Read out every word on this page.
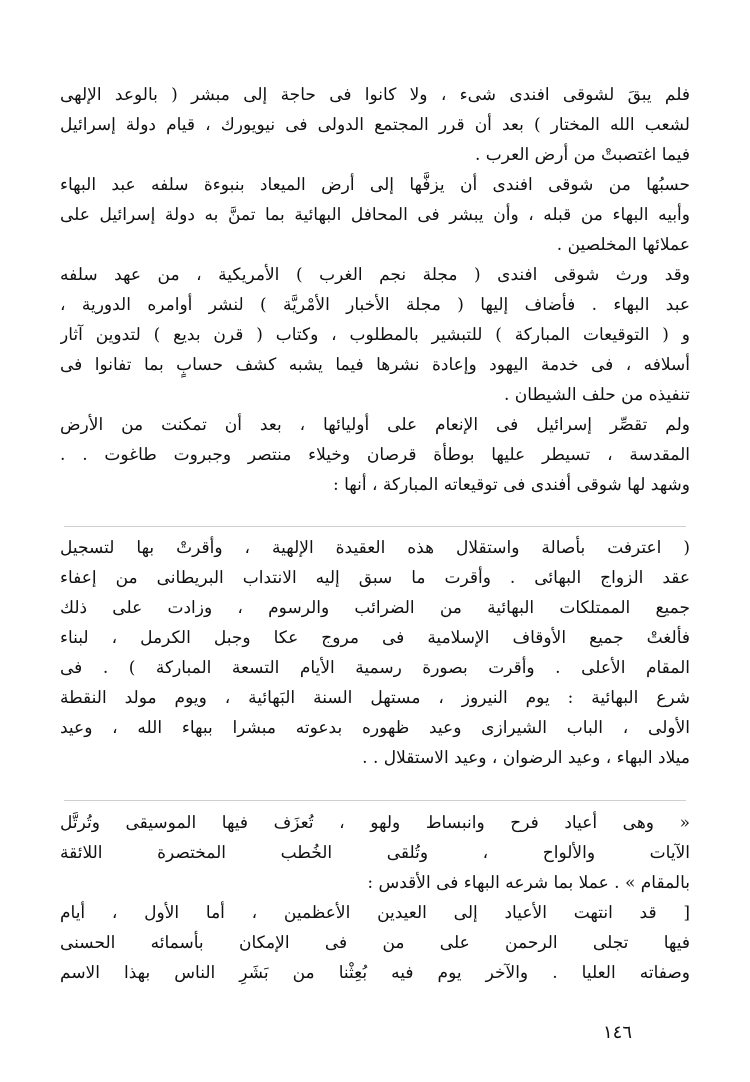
فلم يبقَ لشوقى افندى شىء ، ولا كانوا فى حاجة إلى مبشر ( بالوعد الإلهى
لشعب الله المختار ) بعد أن قرر المجتمع الدولى فى نيويورك ، قيام دولة إسرائيل
فيما اغتصبتْ من أرض العرب .
حسبُها من شوقى افندى أن يزفَّها إلى أرض الميعاد بنبوءة سلفه عبد البهاء
وأبيه البهاء من قبله ، وأن يبشر فى المحافل البهائية بما تمنَّ به دولة إسرائيل على
عملائها المخلصين .
وقد ورث شوقى افندى ( مجلة نجم الغرب ) الأمريكية ، من عهد سلفه
عبد البهاء . فأضاف إليها ( مجلة الأخبار الأمْريَّة ) لنشر أوامره الدورية ،
و ( التوقيعات المباركة ) للتبشير بالمطلوب ، وكتاب ( قرن بديع ) لتدوين آثار
أسلافه ، فى خدمة اليهود وإعادة نشرها فيما يشبه كشف حسابٍ بما تفانوا فى
تنفيذه من حلف الشيطان .
ولم تقصِّر إسرائيل فى الإنعام على أوليائها ، بعد أن تمكنت من الأرض
المقدسة ، تسيطر عليها بوطأة قرصان وخيلاء منتصر وجبروت طاغوت . .
وشهد لها شوقى أفندى فى توقيعاته المباركة ، أنها :
( اعترفت بأصالة واستقلال هذه العقيدة الإلهية ، وأقرتْ بها لتسجيل
عقد الزواج البهائى . وأقرت ما سبق إليه الانتداب البريطانى من إعفاء
جميع الممتلكات البهائية من الضرائب والرسوم ، وزادت على ذلك
فألغتْ جميع الأوقاف الإسلامية فى مروج عكا وجبل الكرمل ، لبناء
المقام الأعلى . وأقرت بصورة رسمية الأيام التسعة المباركة ) . فى
شرع البهائية : يوم النيروز ، مستهل السنة البَهائية ، ويوم مولد النقطة
الأولى ، الباب الشيرازى وعيد ظهوره بدعوته مبشرا ببهاء الله ، وعيد
ميلاد البهاء ، وعيد الرضوان ، وعيد الاستقلال . .
« وهى أعياد فرح وانبساط ولهو ، تُعزَف فيها الموسيقى وتُرتَّل
الآيات والألواح ، وتُلقى الخُطب المختصرة اللائقة
بالمقام » . عملا بما شرعه البهاء فى الأقدس :
[ قد انتهت الأعياد إلى العيدين الأعظمين ، أما الأول ، أيام
فيها تجلى الرحمن على من فى الإمكان بأسمائه الحسنى
وصفاته العليا . والآخر يوم فيه بُعِثْنا من بَشَرِ الناس بهذا الاسم
١٤٦
